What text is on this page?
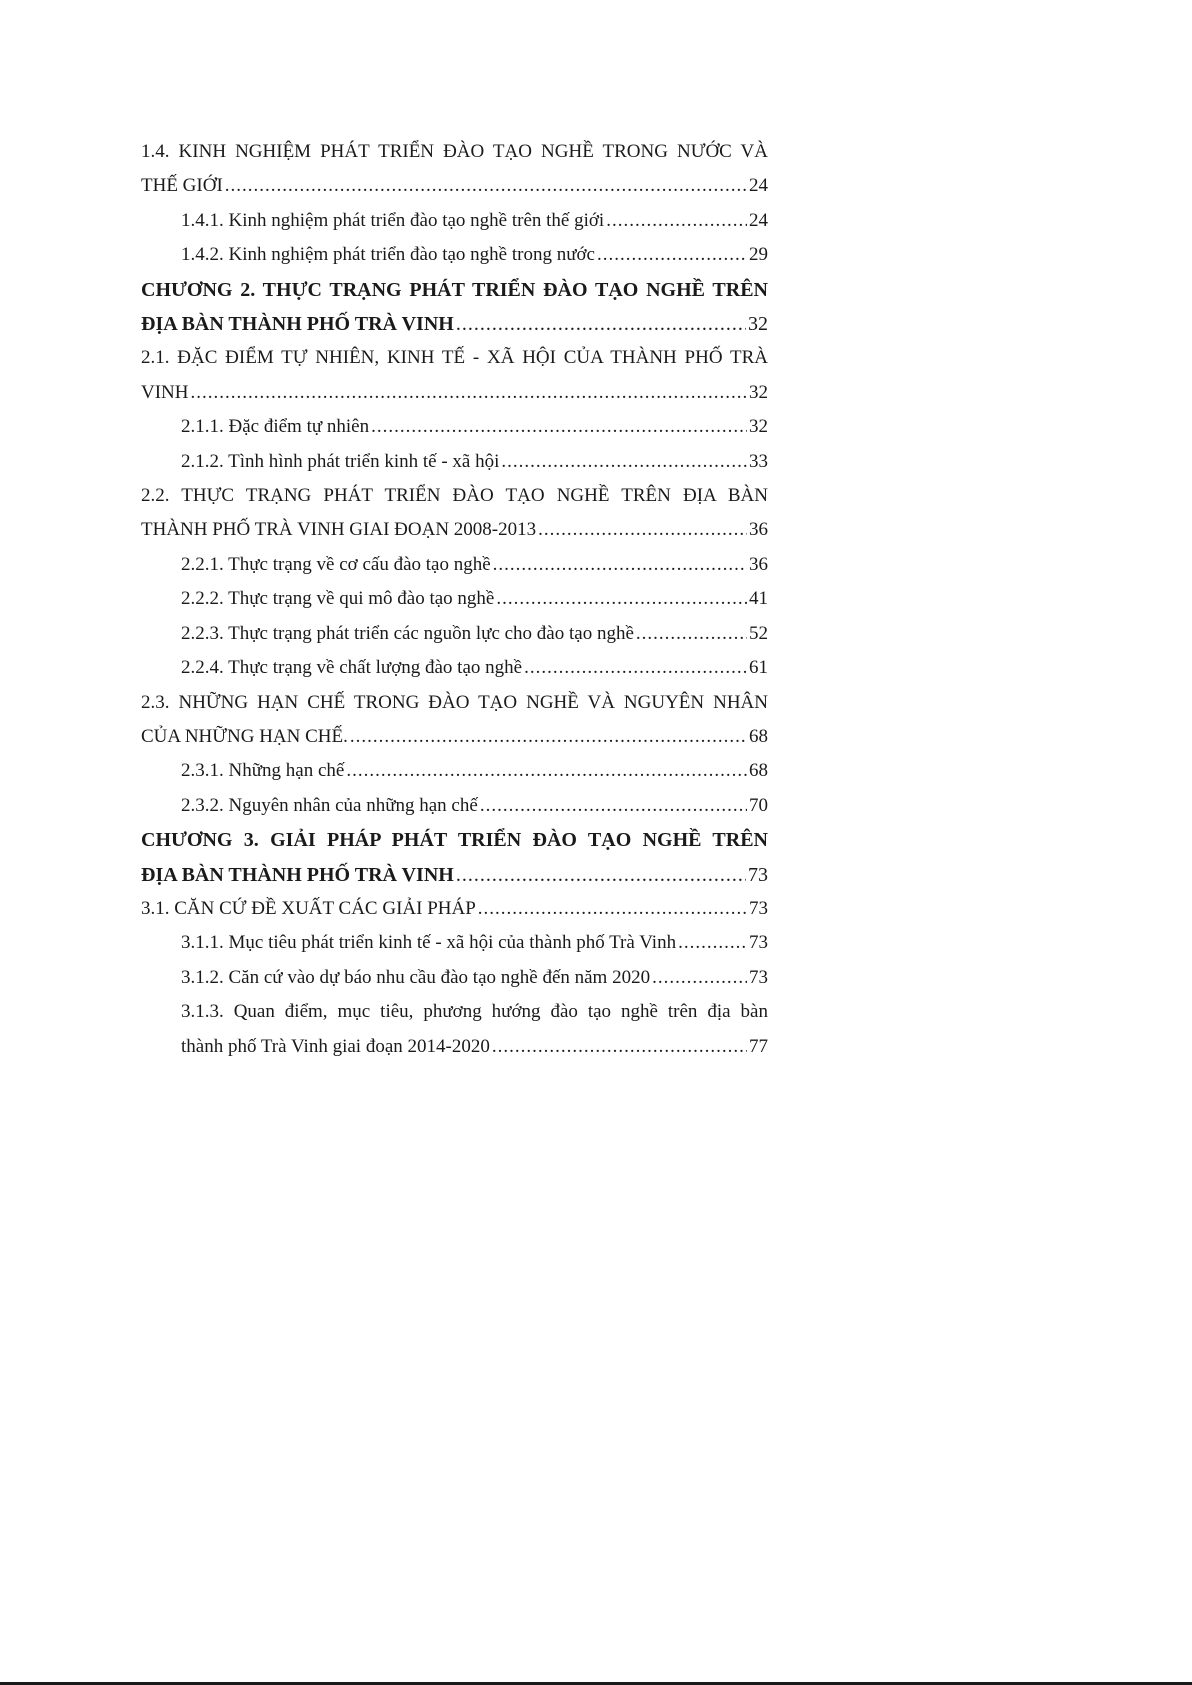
1.4. KINH NGHIỆM PHÁT TRIỂN ĐÀO TẠO NGHỀ TRONG NƯỚC VÀ
THẾ GIỚI .....	24
1.4.1. Kinh nghiệm phát triển đào tạo nghề trên thế giới .....	24
1.4.2. Kinh nghiệm phát triển đào tạo nghề trong nước .....	29
CHƯƠNG 2. THỰC TRẠNG PHÁT TRIỂN ĐÀO TẠO NGHỀ TRÊN
ĐỊA BÀN THÀNH PHỐ TRÀ VINH .....	32
2.1. ĐẶC ĐIỂM TỰ NHIÊN, KINH TẾ - XÃ HỘI CỦA THÀNH PHỐ TRÀ
VINH .....	32
2.1.1. Đặc điểm tự nhiên .....	32
2.1.2. Tình hình phát triển kinh tế - xã hội .....	33
2.2. THỰC TRẠNG PHÁT TRIỂN ĐÀO TẠO NGHỀ TRÊN ĐỊA BÀN
THÀNH PHỐ TRÀ VINH GIAI ĐOẠN 2008-2013 .....	36
2.2.1. Thực trạng về cơ cấu đào tạo nghề .....	36
2.2.2. Thực trạng về qui mô đào tạo nghề .....	41
2.2.3. Thực trạng phát triển các nguồn lực cho đào tạo nghề .....	52
2.2.4. Thực trạng về chất lượng đào tạo nghề .....	61
2.3. NHỮNG HẠN CHẾ TRONG ĐÀO TẠO NGHỀ VÀ NGUYÊN NHÂN
CỦA NHỮNG HẠN CHẾ. .....	68
2.3.1. Những hạn chế .....	68
2.3.2. Nguyên nhân của những hạn chế .....	70
CHƯƠNG 3. GIẢI PHÁP PHÁT TRIỂN ĐÀO TẠO NGHỀ TRÊN
ĐỊA BÀN THÀNH PHỐ TRÀ VINH .....	73
3.1. CĂN CỨ ĐỀ XUẤT CÁC GIẢI PHÁP .....	73
3.1.1. Mục tiêu phát triển kinh tế - xã hội của thành phố Trà Vinh .....	73
3.1.2. Căn cứ vào dự báo nhu cầu đào tạo nghề đến năm 2020 .....	73
3.1.3. Quan điểm, mục tiêu, phương hướng đào tạo nghề trên địa bàn
thành phố Trà Vinh giai đoạn 2014-2020 .....	77
